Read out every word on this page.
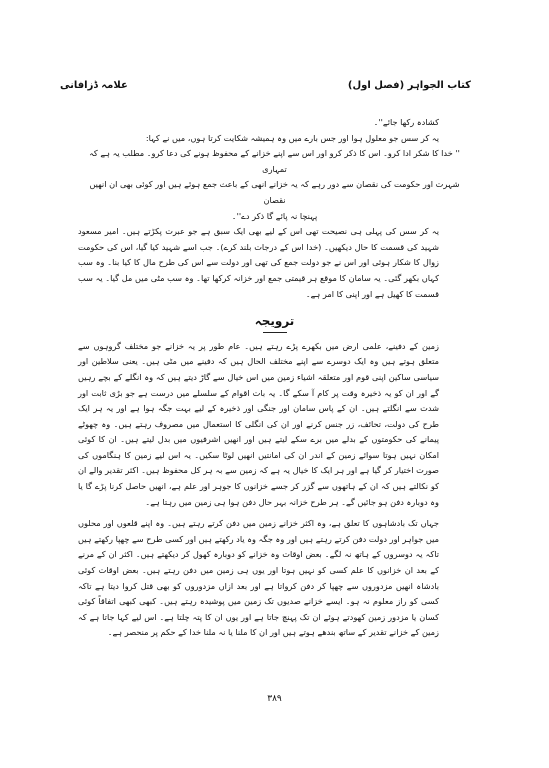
کتاب الجواہر (فصل اول)
علامہ ڈزافانی

کشادہ رکھا جائے''۔

یہ کر سس جو معلول ہوا اور جس بارے میں وہ ہمیشہ شکایت کرتا ہوں، میں نے کہا:

'' خدا کا شکر ادا کرو۔ اس کا ذکر کرو اور اس سے اپنے خزانے کے محفوظ ہونے کی دعا کرو۔ مطلب یہ ہے کہ تمہاری

شہرت اور حکومت کی نقصان سے دور رہے کہ یہ خزانے انھی کے باعث جمع ہوئے ہیں اور کوئی بھی ان انھیں نقصان

پہنچا نہ پائے گا ذکر دے''۔

یہ کر سس کی پہلی ہی نصیحت تھی اس کے لیے بھی ایک سبق ہے جو عبرت پکڑتے ہیں۔ امیر مسعود شہید کی قسمت کا حال دیکھیں۔ (خدا اس کے درجات بلند کرے)۔ جب اسے شہید کیا گیا، اس کی حکومت زوال کا شکار ہوئی اور اس نے جو دولت جمع کی تھی اور دولت سے اس کی طرح مال کا کیا بنا۔ وہ سب کہاں بکھر گئی۔ یہ سامان کا موقع ہر قیمتی جمع اور خزانہ کرکھا تھا۔ وہ سب مٹی میں مل گیا۔ یہ سب قسمت کا کھیل ہے اور اپنی کا امر ہے۔

ترویجہ

زمین کے دفینے، علمی ارض میں بکھرے پڑے رہتے ہیں۔ عام طور پر یہ خزانے جو مختلف گروہوں سے متعلق ہوتے ہیں وہ ایک دوسرے سے اپنے مختلف الحال ہیں کہ دفینے میں مٹی ہیں۔ یعنی سلاطین اور سیاسی ساکین اپنی قوم اور متعلقہ اشیاء زمین میں اس خیال سے گاڑ دیتے ہیں کہ وہ انگلے کے بچے رہیں گے اور ان کو یہ ذخیرہ وقت پر کام آ سکے گا۔ یہ بات اقوام کے سلسلے میں درست ہے جو بڑی ثابت اور شدت سے انگلتے ہیں۔ ان کے پاس سامان اور جنگی اور ذخیرہ کے لیے بہت جگہ ہوا ہے اور یہ ہر ایک طرح کی دولت، تحائف، زر جنس کرنے اور ان کی انگلی کا استعمال میں مصروف رہتے ہیں۔ وہ چھوٹے پیمانے کی حکومتوں کے بدلے میں برے سکے لیتے ہیں اور انھیں اشرفیوں میں بدل لیتے ہیں۔ ان کا کوئی امکان نہیں ہوتا سوائے زمین کے اندر ان کی امانتیں انھیں لوٹا سکیں۔ یہ اس لیے زمین کا ہنگاموں کی صورت اختیار کر گیا ہے اور ہر ایک کا خیال یہ ہے کہ زمین سے بہ ہر کل محفوظ ہیں۔ اکثر تقدیر والے ان کو نکالتے ہیں کہ ان کے ہاتھوں سے گزر کر جسے خزانوں کا جوہر اور علم ہے، انھیں حاصل کرنا پڑے گا یا وہ دوبارہ دفن ہو جائیں گے۔ ہر طرح خزانہ بہر حال دفن ہوا ہی زمین میں رہتا ہے۔

جہاں تک بادشاہوں کا تعلق ہے، وہ اکثر خزانے زمین میں دفن کرتے رہتے ہیں۔ وہ اپنے قلعوں اور محلوں میں جواہر اور دولت دفن کرتے رہتے ہیں اور وہ جگہ وہ یاد رکھتے ہیں اور کسی طرح سے چھپا رکھتے ہیں تاکہ یہ دوسروں کے ہاتھ نہ لگے۔ بعض اوقات وہ خزانے کو دوبارہ کھول کر دیکھتے ہیں۔ اکثر ان کے مرنے کے بعد ان خزانوں کا علم کسی کو نہیں ہوتا اور یوں ہی زمین میں دفن رہتے ہیں۔ بعض اوقات کوئی بادشاہ انھیں مزدوروں سے چھپا کر دفن کرواتا ہے اور بعد ازاں مزدوروں کو بھی قتل کروا دیتا ہے تاکہ کسی کو راز معلوم نہ ہو۔ ایسے خزانے صدیوں تک زمین میں پوشیدہ رہتے ہیں۔ کبھی کبھی اتفاقاً کوئی کسان یا مزدور زمین کھودتے ہوئے ان تک پہنچ جاتا ہے اور یوں ان کا پتہ چلتا ہے۔ اس لیے کہا جاتا ہے کہ زمین کے خزانے تقدیر کے ساتھ بندھے ہوتے ہیں اور ان کا ملنا یا نہ ملنا خدا کے حکم پر منحصر ہے۔

۳۸۹
